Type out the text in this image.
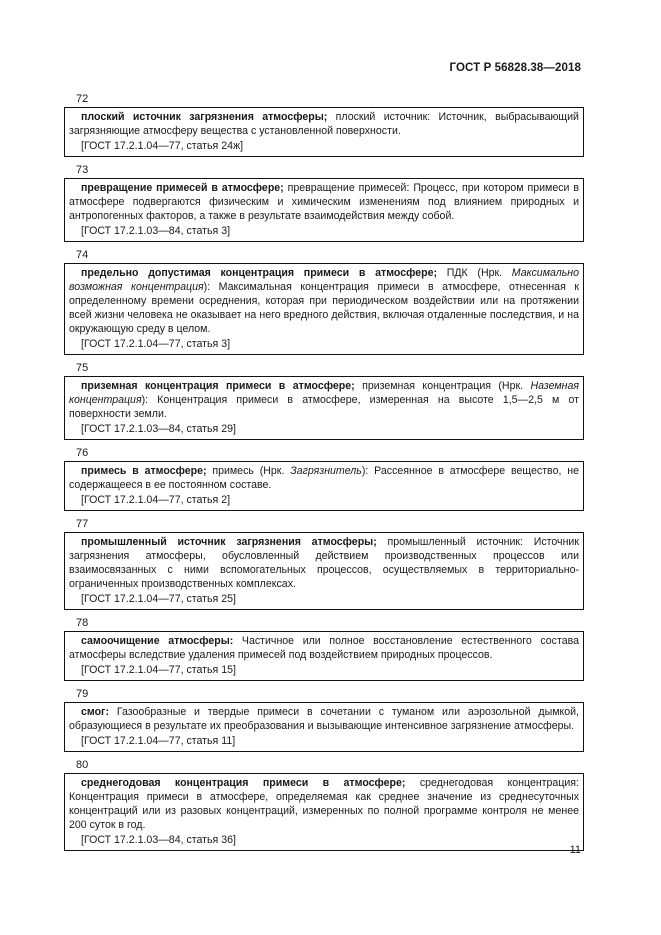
ГОСТ Р 56828.38—2018
72

плоский источник загрязнения атмосферы; плоский источник: Источник, выбрасывающий загрязняющие атмосферу вещества с установленной поверхности.

[ГОСТ 17.2.1.04—77, статья 24ж]

73

превращение примесей в атмосфере; превращение примесей: Процесс, при котором примеси в атмосфере подвергаются физическим и химическим изменениям под влиянием природных и антропогенных факторов, а также в результате взаимодействия между собой.

[ГОСТ 17.2.1.03—84, статья 3]

74

предельно допустимая концентрация примеси в атмосфере; ПДК (Нрк. Максимально возможная концентрация): Максимальная концентрация примеси в атмосфере, отнесенная к определенному времени осреднения, которая при периодическом воздействии или на протяжении всей жизни человека не оказывает на него вредного действия, включая отдаленные последствия, и на окружающую среду в целом.

[ГОСТ 17.2.1.04—77, статья 3]

75

приземная концентрация примеси в атмосфере; приземная концентрация (Нрк. Наземная концентрация): Концентрация примеси в атмосфере, измеренная на высоте 1,5—2,5 м от поверхности земли.

[ГОСТ 17.2.1.03—84, статья 29]

76

примесь в атмосфере; примесь (Нрк. Загрязнитель): Рассеянное в атмосфере вещество, не содержащееся в ее постоянном составе.

[ГОСТ 17.2.1.04—77, статья 2]

77

промышленный источник загрязнения атмосферы; промышленный источник: Источник загрязнения атмосферы, обусловленный действием производственных процессов или взаимосвязанных с ними вспомогательных процессов, осуществляемых в территориально-ограниченных производственных комплексах.

[ГОСТ 17.2.1.04—77, статья 25]

78

самоочищение атмосферы: Частичное или полное восстановление естественного состава атмосферы вследствие удаления примесей под воздействием природных процессов.

[ГОСТ 17.2.1.04—77, статья 15]

79

смог: Газообразные и твердые примеси в сочетании с туманом или аэрозольной дымкой, образующиеся в результате их преобразования и вызывающие интенсивное загрязнение атмосферы.

[ГОСТ 17.2.1.04—77, статья 11]

80

среднегодовая концентрация примеси в атмосфере; среднегодовая концентрация: Концентрация примеси в атмосфере, определяемая как среднее значение из среднесуточных концентраций или из разовых концентраций, измеренных по полной программе контроля не менее 200 суток в год.

[ГОСТ 17.2.1.03—84, статья 36]

11
